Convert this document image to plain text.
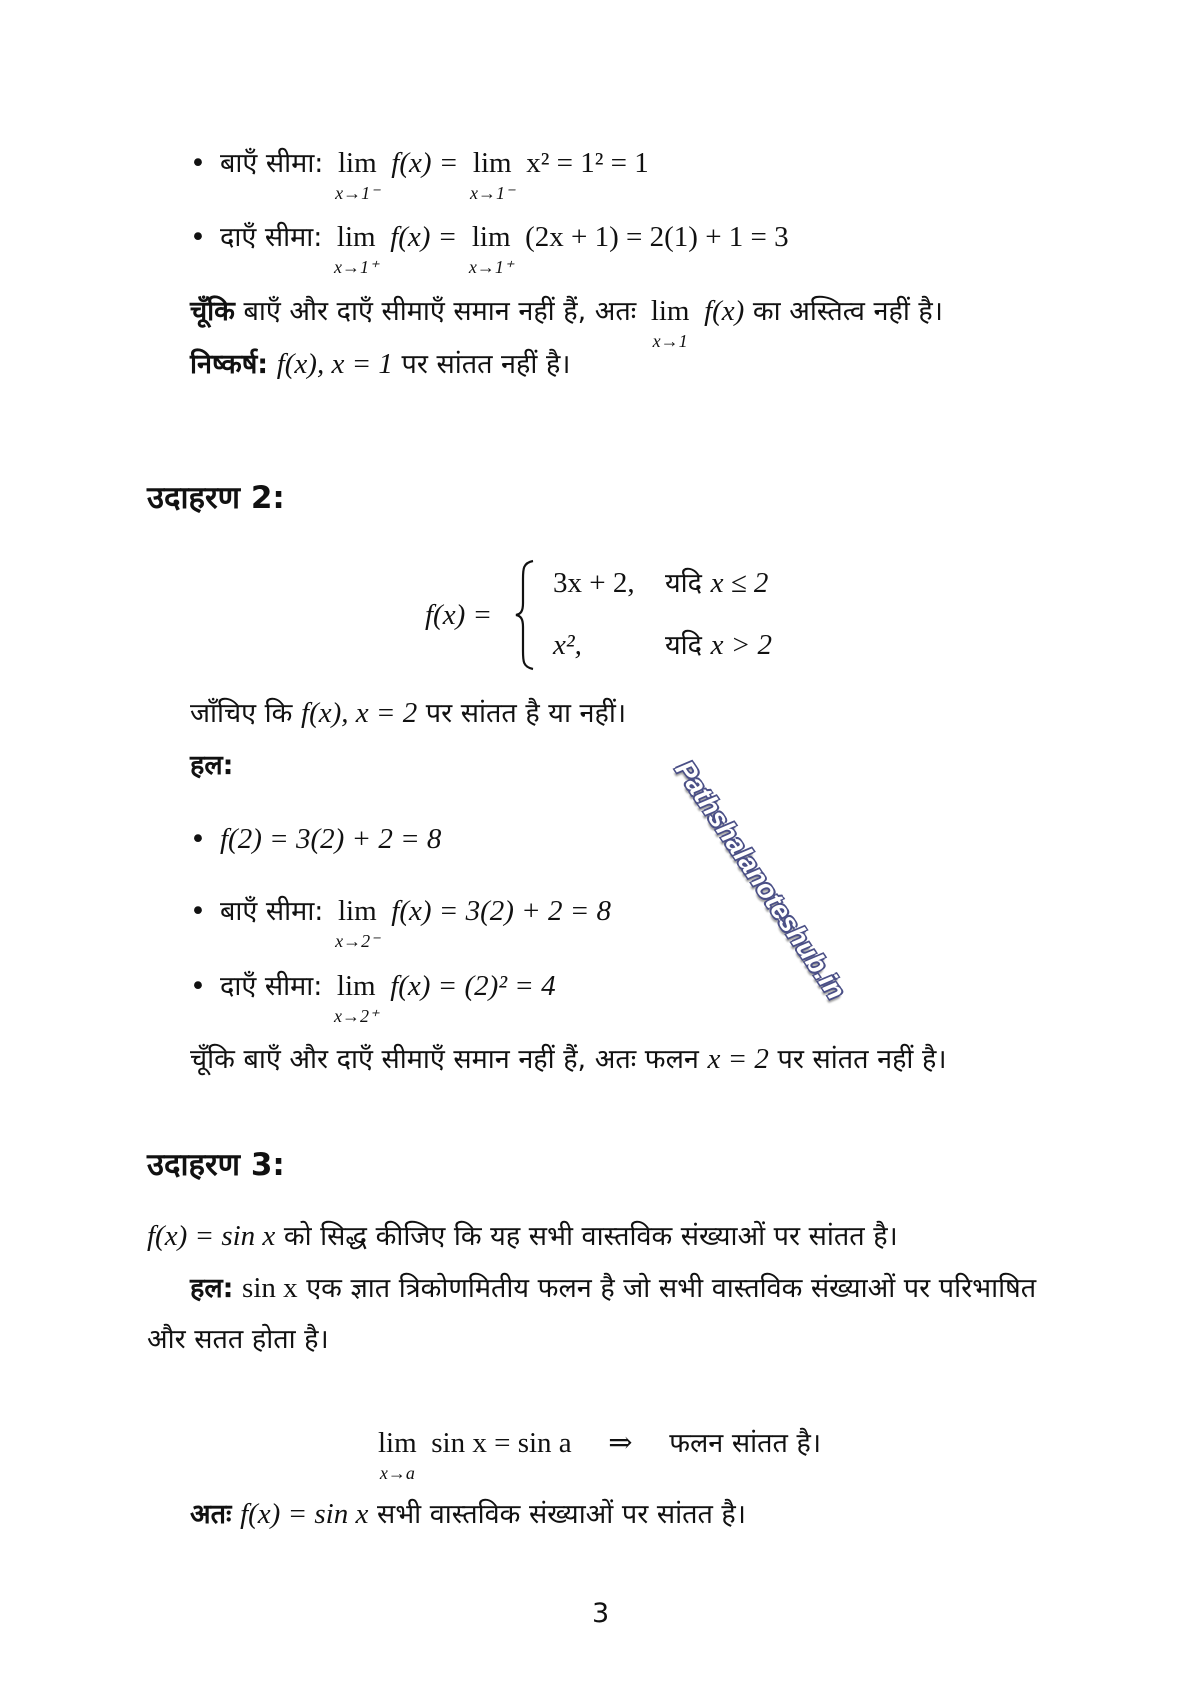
• बाएँ सीमा: lim
x→1⁻
f(x) = lim
x→1⁻
x² = 1² = 1
• दाएँ सीमा: lim
x→1⁺
f(x) = lim
x→1⁺
(2x + 1) = 2(1) + 1 = 3
चूँकि बाएँ और दाएँ सीमाएँ समान नहीं हैं, अतः lim
x→1
f(x) का अस्तित्व नहीं है।
निष्कर्ष: f(x), x = 1 पर सांतत नहीं है।
उदाहरण 2:
f(x) =
3x + 2, यदि x ≤ 2
x²,	यदि x > 2
जाँचिए कि f(x), x = 2 पर सांतत है या नहीं।
हल:
• f(2) = 3(2) + 2 = 8
• बाएँ सीमा: lim
x→2⁻
f(x) = 3(2) + 2 = 8
• दाएँ सीमा: lim
x→2⁺
f(x) = (2)² = 4
चूँकि बाएँ और दाएँ सीमाएँ समान नहीं हैं, अतः फलन x = 2 पर सांतत नहीं है।
उदाहरण 3:
f(x) = sin x को सिद्ध कीजिए कि यह सभी वास्तविक संख्याओं पर सांतत है।
हल: sin x एक ज्ञात त्रिकोणमितीय फलन है जो सभी वास्तविक संख्याओं पर परिभाषित
और सतत होता है।
lim
x→a
sin x = sin a ⇒ फलन सांतत है।
अतः f(x) = sin x सभी वास्तविक संख्याओं पर सांतत है।
Pathshalanoteshub.in
3
